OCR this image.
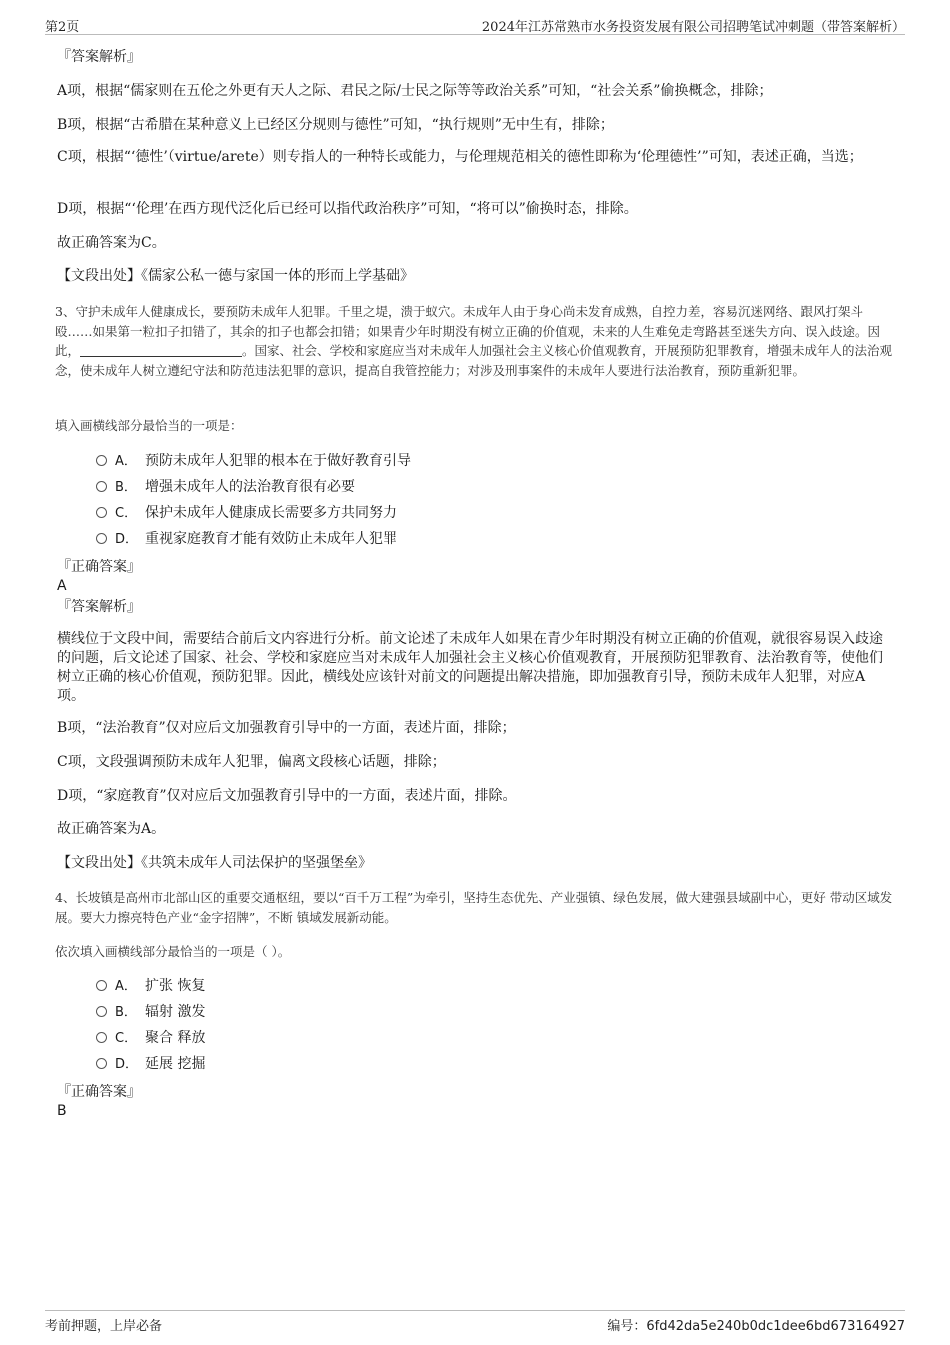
第2页	2024年江苏常熟市水务投资发展有限公司招聘笔试冲刺题（带答案解析）
『答案解析』
A项，根据“儒家则在五伦之外更有天人之际、君民之际/士民之际等等政治关系”可知，“社会关系”偷换概念，排除；
B项，根据“古希腊在某种意义上已经区分规则与德性”可知，“执行规则”无中生有，排除；
C项，根据“‘德性’（virtue/arete）则专指人的一种特长或能力，与伦理规范相关的德性即称为‘伦理德性’”可知，表述正确，当选；
D项，根据“‘伦理’在西方现代泛化后已经可以指代政治秩序”可知，“将可以”偷换时态，排除。
故正确答案为C。
【文段出处】《儒家公私一德与家国一体的形而上学基础》
3、守护未成年人健康成长，要预防未成年人犯罪。千里之堤，溃于蚁穴。未成年人由于身心尚未发育成熟，自控力差，容易沉迷网络、跟风打架斗殴……如果第一粒扣子扣错了，其余的扣子也都会扣错；如果青少年时期没有树立正确的价值观，未来的人生难免走弯路甚至迷失方向、误入歧途。因此，	。国家、社会、学校和家庭应当对未成年人加强社会主义核心价值观教育，开展预防犯罪教育，增强未成年人的法治观念，使未成年人树立遵纪守法和防范违法犯罪的意识，提高自我管控能力；对涉及刑事案件的未成年人要进行法治教育，预防重新犯罪。
填入画横线部分最恰当的一项是：
A． 预防未成年人犯罪的根本在于做好教育引导
B． 增强未成年人的法治教育很有必要
C． 保护未成年人健康成长需要多方共同努力
D． 重视家庭教育才能有效防止未成年人犯罪
『正确答案』
A
『答案解析』
横线位于文段中间，需要结合前后文内容进行分析。前文论述了未成年人如果在青少年时期没有树立正确的价值观，就很容易误入歧途的问题，后文论述了国家、社会、学校和家庭应当对未成年人加强社会主义核心价值观教育，开展预防犯罪教育、法治教育等，使他们树立正确的核心价值观，预防犯罪。因此，横线处应该针对前文的问题提出解决措施，即加强教育引导，预防未成年人犯罪，对应A项。
B项，“法治教育”仅对应后文加强教育引导中的一方面，表述片面，排除；
C项，文段强调预防未成年人犯罪，偏离文段核心话题，排除；
D项，“家庭教育”仅对应后文加强教育引导中的一方面，表述片面，排除。
故正确答案为A。
【文段出处】《共筑未成年人司法保护的坚强堡垒》
4、长坡镇是高州市北部山区的重要交通枢纽，要以“百千万工程”为牵引，坚持生态优先、产业强镇、绿色发展，做大建强县域副中心，更好 带动区域发展。要大力擦亮特色产业“金字招牌”，不断 镇域发展新动能。
依次填入画横线部分最恰当的一项是（ ）。
A． 扩张 恢复
B． 辐射 激发
C． 聚合 释放
D． 延展 挖掘
『正确答案』
B
考前押题，上岸必备	编号：6fd42da5e240b0dc1dee6bd673164927
